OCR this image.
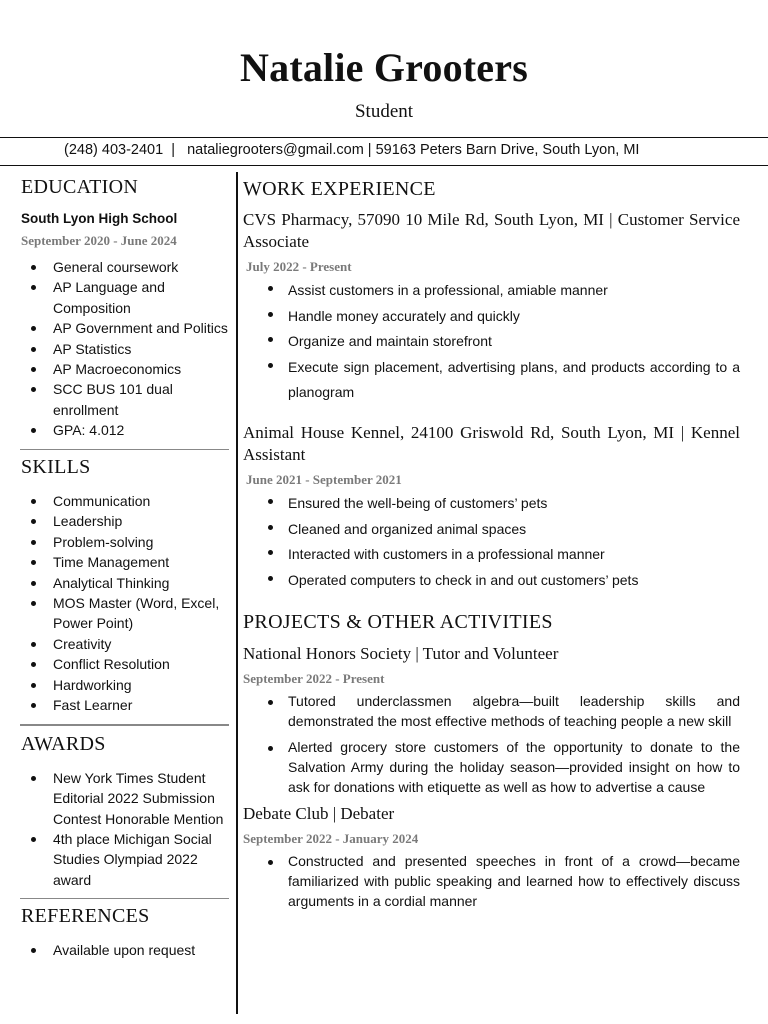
Natalie Grooters
Student
(248) 403-2401  |   nataliegrooters@gmail.com | 59163 Peters Barn Drive, South Lyon, MI
EDUCATION
South Lyon High School
September 2020 - June 2024
General coursework
AP Language and Composition
AP Government and Politics
AP Statistics
AP Macroeconomics
SCC BUS 101 dual enrollment
GPA: 4.012
SKILLS
Communication
Leadership
Problem-solving
Time Management
Analytical Thinking
MOS Master (Word, Excel, Power Point)
Creativity
Conflict Resolution
Hardworking
Fast Learner
AWARDS
New York Times Student Editorial 2022 Submission Contest Honorable Mention
4th place Michigan Social Studies Olympiad 2022 award
REFERENCES
Available upon request
WORK EXPERIENCE
CVS Pharmacy, 57090 10 Mile Rd, South Lyon, MI | Customer Service Associate
July 2022 - Present
Assist customers in a professional, amiable manner
Handle money accurately and quickly
Organize and maintain storefront
Execute sign placement, advertising plans, and products according to a planogram
Animal House Kennel, 24100 Griswold Rd, South Lyon, MI | Kennel Assistant
June 2021 - September 2021
Ensured the well-being of customers’ pets
Cleaned and organized animal spaces
Interacted with customers in a professional manner
Operated computers to check in and out customers’ pets
PROJECTS & OTHER ACTIVITIES
National Honors Society | Tutor and Volunteer
September 2022 - Present
Tutored underclassmen algebra—built leadership skills and demonstrated the most effective methods of teaching people a new skill
Alerted grocery store customers of the opportunity to donate to the Salvation Army during the holiday season—provided insight on how to ask for donations with etiquette as well as how to advertise a cause
Debate Club | Debater
September 2022 - January 2024
Constructed and presented speeches in front of a crowd—became familiarized with public speaking and learned how to effectively discuss arguments in a cordial manner
